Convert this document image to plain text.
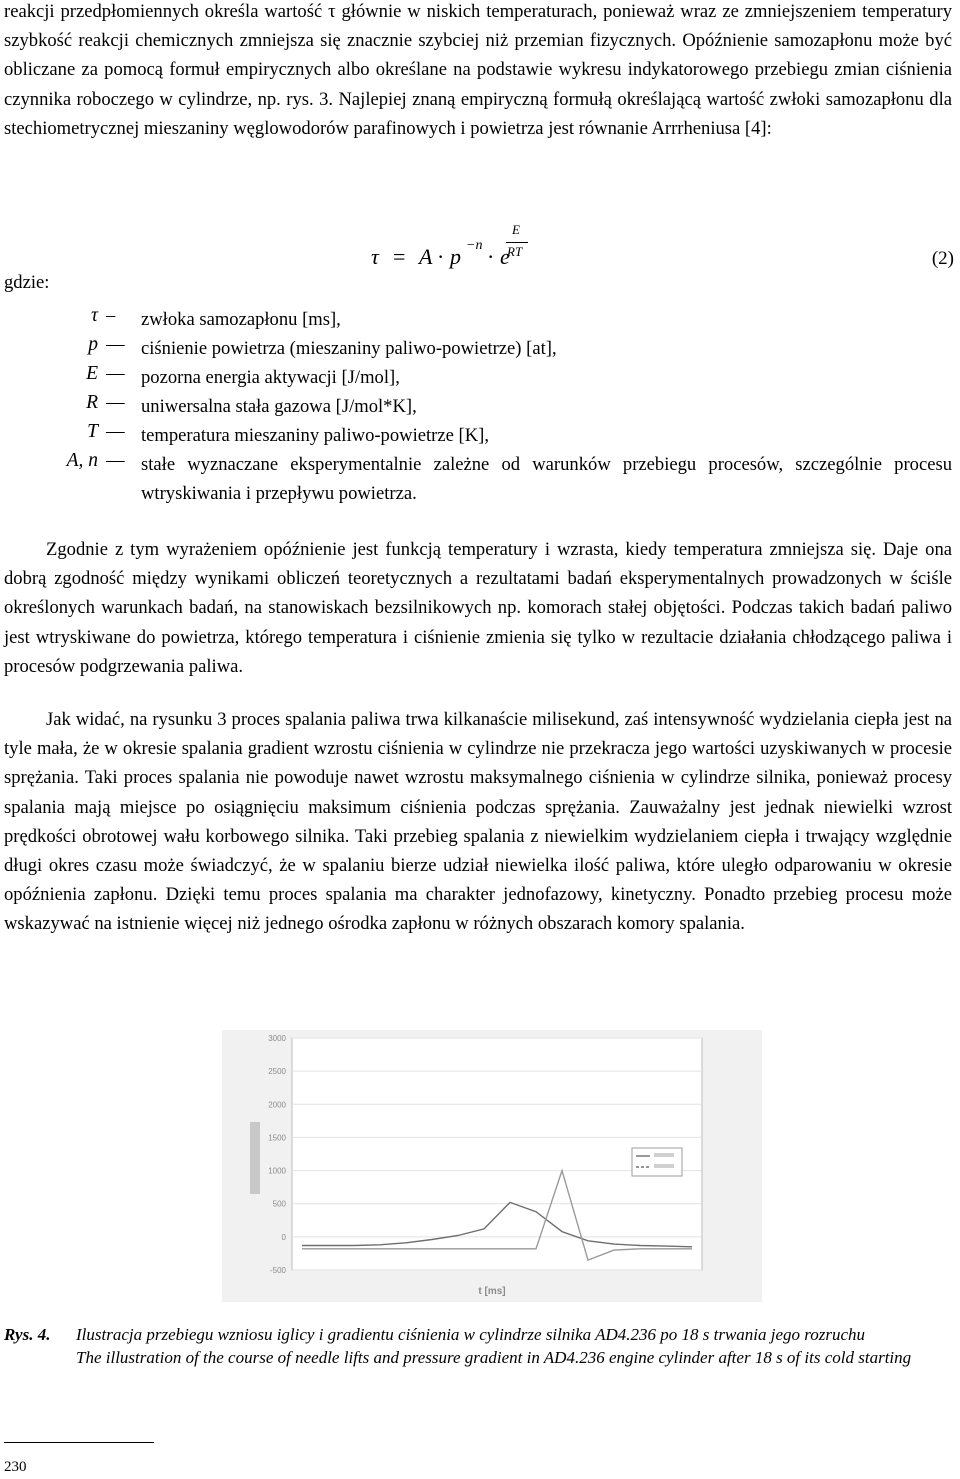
reakcji przedpłomiennych określa wartość τ głównie w niskich temperaturach, ponieważ wraz ze zmniejszeniem temperatury szybkość reakcji chemicznych zmniejsza się znacznie szybciej niż przemian fizycznych. Opóźnienie samozapłonu może być obliczane za pomocą formuł empirycznych albo określane na podstawie wykresu indykatorowego przebiegu zmian ciśnienia czynnika roboczego w cylindrze, np. rys. 3. Najlepiej znaną empiryczną formułą określającą wartość zwłoki samozapłonu dla stechiometrycznej mieszaniny węglowodorów parafinowych i powietrza jest równanie Arrrheniusa [4]:

τ = A · p −n · e
E
RT	(2)
gdzie:
τ – zwłoka samozapłonu [ms],
p — ciśnienie powietrza (mieszaniny paliwo-powietrze) [at],
E — pozorna energia aktywacji [J/mol],
R — uniwersalna stała gazowa [J/mol*K],
T — temperatura mieszaniny paliwo-powietrze [K],
A, n — stałe wyznaczane eksperymentalnie zależne od warunków przebiegu procesów, szczególnie procesu wtryskiwania i przepływu powietrza.

Zgodnie z tym wyrażeniem opóźnienie jest funkcją temperatury i wzrasta, kiedy temperatura zmniejsza się. Daje ona dobrą zgodność między wynikami obliczeń teoretycznych a rezultatami badań eksperymentalnych prowadzonych w ściśle określonych warunkach badań, na stanowiskach bezsilnikowych np. komorach stałej objętości. Podczas takich badań paliwo jest wtryskiwane do powietrza, którego temperatura i ciśnienie zmienia się tylko w rezultacie działania chłodzącego paliwa i procesów podgrzewania paliwa.

Jak widać, na rysunku 3 proces spalania paliwa trwa kilkanaście milisekund, zaś intensywność wydzielania ciepła jest na tyle mała, że w okresie spalania gradient wzrostu ciśnienia w cylindrze nie przekracza jego wartości uzyskiwanych w procesie sprężania. Taki proces spalania nie powoduje nawet wzrostu maksymalnego ciśnienia w cylindrze silnika, ponieważ procesy spalania mają miejsce po osiągnięciu maksimum ciśnienia podczas sprężania. Zauważalny jest jednak niewielki wzrost prędkości obrotowej wału korbowego silnika. Taki przebieg spalania z niewielkim wydzielaniem ciepła i trwający względnie długi okres czasu może świadczyć, że w spalaniu bierze udział niewielka ilość paliwa, które uległo odparowaniu w okresie opóźnienia zapłonu. Dzięki temu proces spalania ma charakter jednofazowy, kinetyczny. Ponadto przebieg procesu może wskazywać na istnienie więcej niż jednego ośrodka zapłonu w różnych obszarach komory spalania.

-500
0
500
1000
1500
2000
2500
3000
t [ms]
Rys. 4. Ilustracja przebiegu wzniosu iglicy i gradientu ciśnienia w cylindrze silnika AD4.236 po 18 s trwania jego rozruchu

The illustration of the course of needle lifts and pressure gradient in AD4.236 engine cylinder after 18 s of its cold starting

230
